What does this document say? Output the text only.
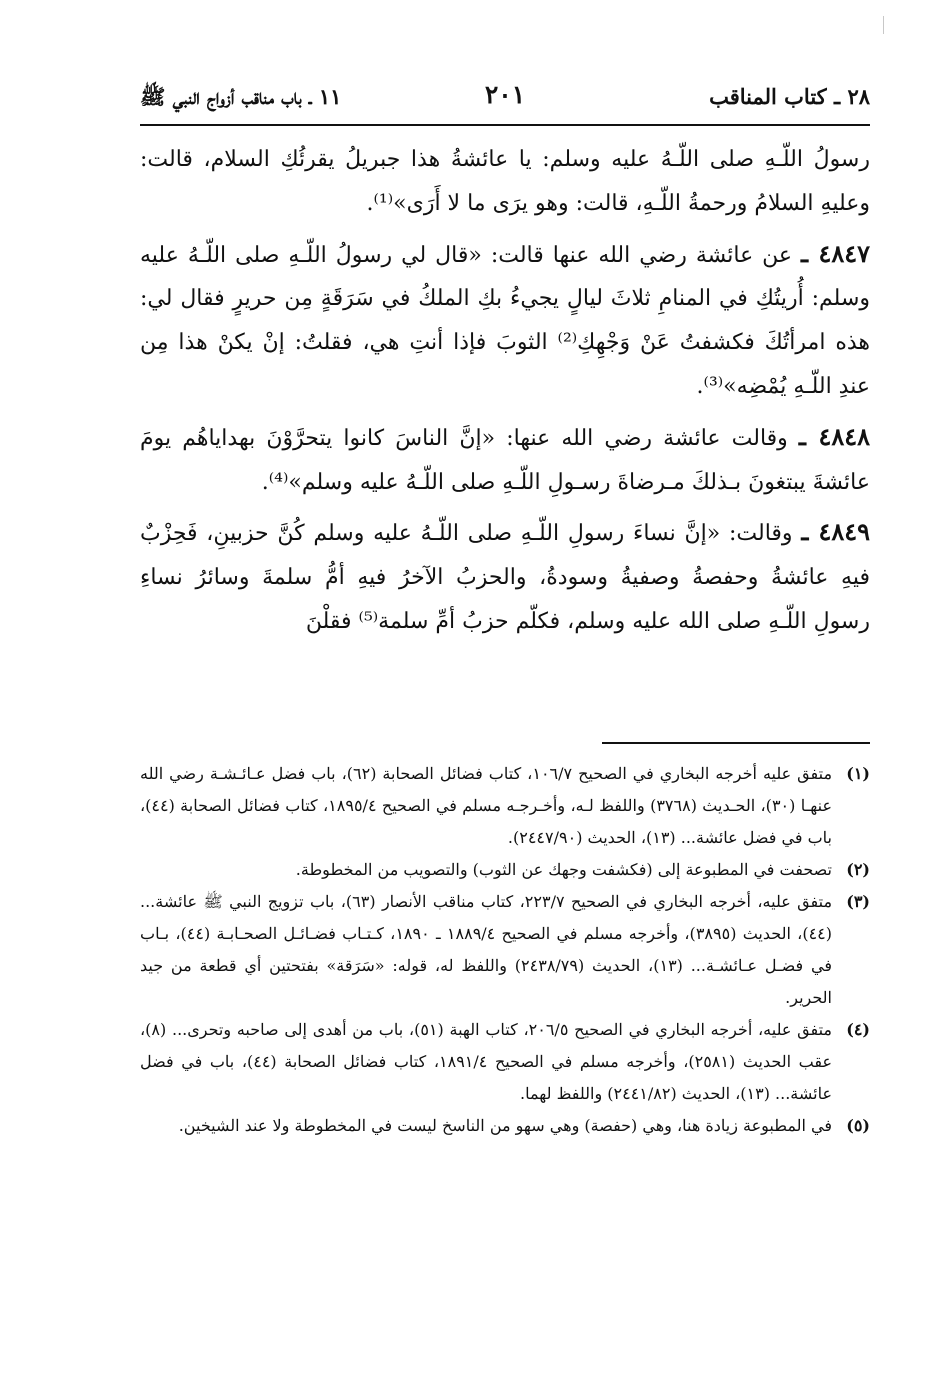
٢٨ ـ كتاب المناقب
٢٠١
١١ ـ باب مناقب أزواج النبي ﷺ

رسولُ اللّـهِ صلى اللّـهُ عليه وسلم: يا عائشةُ هذا جبريلُ يقرئُكِ السلام، قالت: وعليهِ السلامُ ورحمةُ اللّـهِ، قالت: وهو يرَى ما لا أَرَى»⁽¹⁾.

٤٨٤٧ ـ عن عائشة رضي الله عنها قالت: «قال لي رسولُ اللّـهِ صلى اللّـهُ عليه وسلم: أُريتُكِ في المنامِ ثلاثَ ليالٍ يجيءُ بكِ الملكُ في سَرَقَةٍ مِن حريرٍ فقال لي: هذه امرأتُكَ فكشفتُ عَنْ وَجْهِكِ⁽²⁾ الثوبَ فإذا أنتِ هي، فقلتُ: إنْ يكنْ هذا مِن عندِ اللّـهِ يُمْضِه»⁽³⁾.

٤٨٤٨ ـ وقالت عائشة رضي الله عنها: «إنَّ الناسَ كانوا يتحرَّوْنَ بهداياهُم يومَ عائشةَ يبتغونَ بـذلكَ مـرضاةَ رسـولِ اللّـهِ صلى اللّـهُ عليه وسلم»⁽⁴⁾.

٤٨٤٩ ـ وقالت: «إنَّ نساءَ رسولِ اللّـهِ صلى اللّـهُ عليه وسلم كُنَّ حزبينِ، فَحِزْبٌ فيهِ عائشةُ وحفصةُ وصفيةُ وسودةُ، والحزبُ الآخرُ فيهِ أمُّ سلمةَ وسائرُ نساءِ رسولِ اللّـهِ صلى الله عليه وسلم، فكلّم حزبُ أمِّ سلمة⁽⁵⁾ فقلْنَ

(١)
متفق عليه أخرجه البخاري في الصحيح ١٠٦/٧، كتاب فضائل الصحابة (٦٢)، باب فضل عـائـشـة رضي الله عنهـا (٣٠)، الحـديث (٣٧٦٨) واللفظ لـه، وأخـرجـه مسلم في الصحيح ١٨٩٥/٤، كتاب فضائل الصحابة (٤٤)، باب في فضل عائشة... (١٣)، الحديث (٢٤٤٧/٩٠).
(٢)
تصحفت في المطبوعة إلى (فكشفت وجهك عن الثوب) والتصويب من المخطوطة.
(٣)
متفق عليه، أخرجه البخاري في الصحيح ٢٢٣/٧، كتاب مناقب الأنصار (٦٣)، باب تزويج النبي ﷺ عائشة... (٤٤)، الحديث (٣٨٩٥)، وأخرجه مسلم في الصحيح ١٨٨٩/٤ ـ ١٨٩٠، كـتـاب فضـائـل الصحـابـة (٤٤)، بـاب في فضـل عـائشـة... (١٣)، الحديث (٢٤٣٨/٧٩) واللفظ له، قوله: «سَرَقة» بفتحتين أي قطعة من جيد الحرير.
(٤)
متفق عليه، أخرجه البخاري في الصحيح ٢٠٦/٥، كتاب الهبة (٥١)، باب من أهدى إلى صاحبه وتحرى... (٨)، عقب الحديث (٢٥٨١)، وأخرجه مسلم في الصحيح ١٨٩١/٤، كتاب فضائل الصحابة (٤٤)، باب في فضل عائشة... (١٣)، الحديث (٢٤٤١/٨٢) واللفظ لهما.
(٥)
في المطبوعة زيادة هنا، وهي (حفصة) وهي سهو من الناسخ ليست في المخطوطة ولا عند الشيخين.
